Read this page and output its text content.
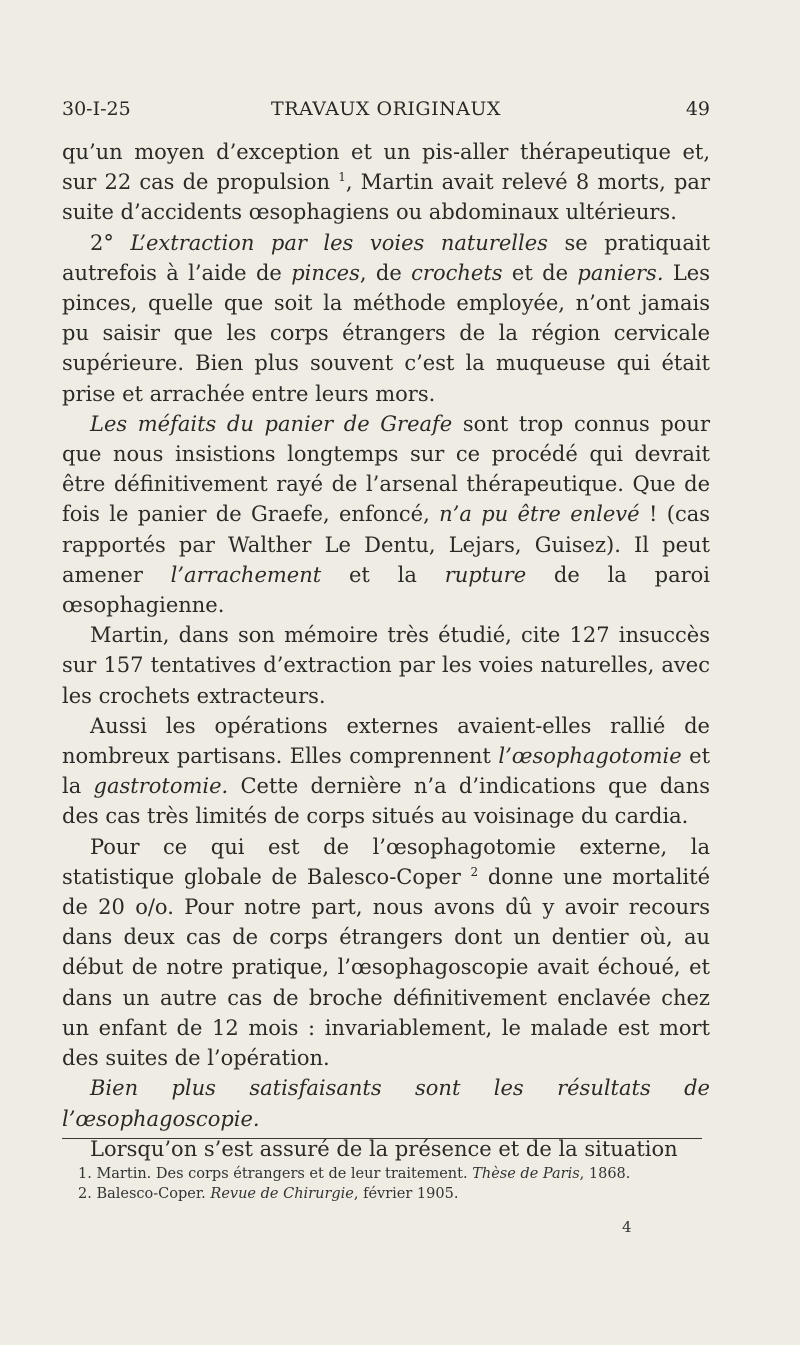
30-I-25	TRAVAUX ORIGINAUX	49

qu’un moyen d’exception et un pis-aller thérapeutique et, sur 22 cas de propulsion $^1$, Martin avait relevé 8 morts, par suite d’accidents œsophagiens ou abdominaux ultérieurs.

2° L’extraction par les voies naturelles se pratiquait autrefois à l’aide de pinces, de crochets et de paniers. Les pinces, quelle que soit la méthode employée, n’ont jamais pu saisir que les corps étrangers de la région cervicale supérieure. Bien plus souvent c’est la muqueuse qui était prise et arrachée entre leurs mors.

Les méfaits du panier de Greafe sont trop connus pour que nous insistions longtemps sur ce procédé qui devrait être définitivement rayé de l’arsenal thérapeutique. Que de fois le panier de Graefe, enfoncé, n’a pu être enlevé ! (cas rapportés par Walther Le Dentu, Lejars, Guisez). Il peut amener l’arrachement et la rupture de la paroi œsophagienne.

Martin, dans son mémoire très étudié, cite 127 insuccès sur 157 tentatives d’extraction par les voies naturelles, avec les crochets extracteurs.

Aussi les opérations externes avaient-elles rallié de nombreux partisans. Elles comprennent l’œsophagotomie et la gastrotomie. Cette dernière n’a d’indications que dans des cas très limités de corps situés au voisinage du cardia.

Pour ce qui est de l’œsophagotomie externe, la statistique globale de Balesco-Coper $^2$ donne une mortalité de 20 o/o. Pour notre part, nous avons dû y avoir recours dans deux cas de corps étrangers dont un dentier où, au début de notre pratique, l’œsophagoscopie avait échoué, et dans un autre cas de broche définitivement enclavée chez un enfant de 12 mois : invariablement, le malade est mort des suites de l’opération.

Bien plus satisfaisants sont les résultats de l’œsophagoscopie.

Lorsqu’on s’est assuré de la présence et de la situation

1. Martin. Des corps étrangers et de leur traitement. Thèse de Paris, 1868.

2. Balesco-Coper. Revue de Chirurgie, février 1905.

4
